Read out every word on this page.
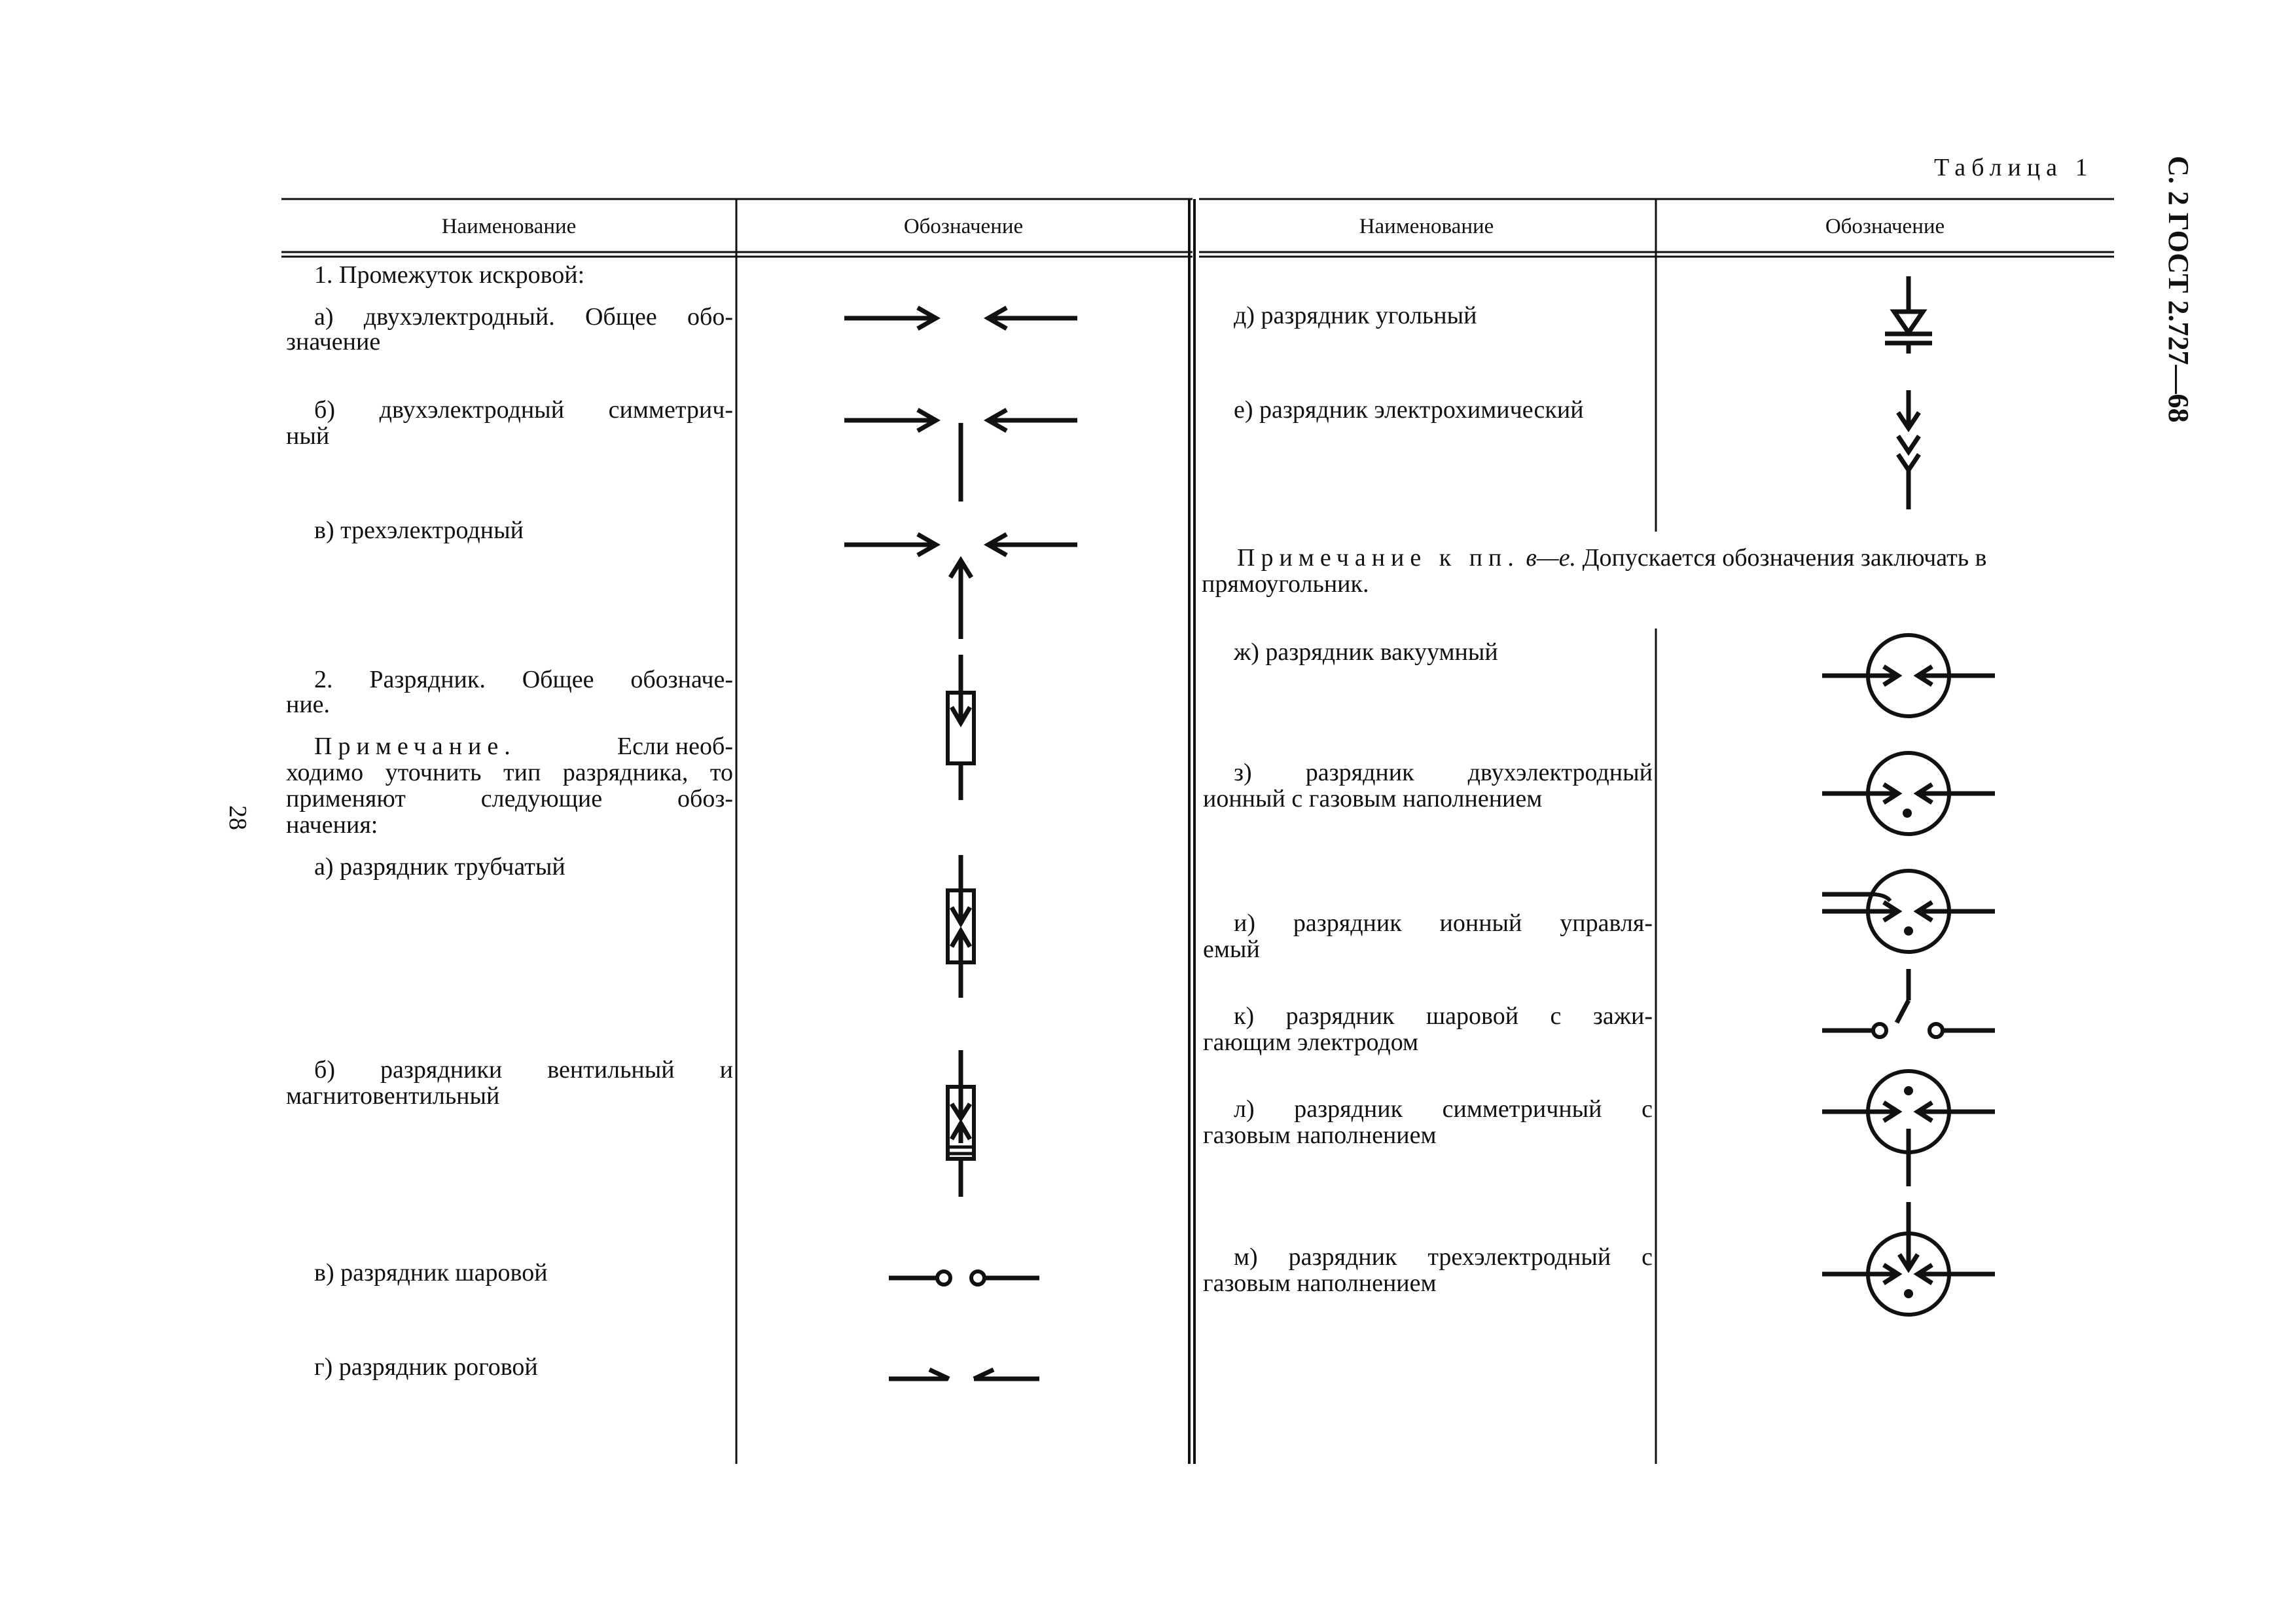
Таблица 1 С. 2 ГОСТ 2.727—68
28
Наименование	Обозначение	Наименование	Обозначение
1. Промежуток искровой:
а) двухэлектродный. Общее обо-
значение
б) двухэлектродный симметрич-
ный
в) трехэлектродный
2. Разрядник. Общее обозначе-
ние.
Примечание.	Если необ-
ходимо уточнить тип разрядника, то
применяют следующие обоз-
начения:
а) разрядник трубчатый
б) разрядники вентильный и
магнитовентильный
в) разрядник шаровой
г) разрядник роговой
д) разрядник угольный
е) разрядник электрохимический
Примечание к пп. в—е. Допускается обозначения заключать в
прямоугольник.
ж) разрядник вакуумный
з) разрядник двухэлектродный
ионный с газовым наполнением
и) разрядник ионный управля-
емый
к) разрядник шаровой с зажи-
гающим электродом
л) разрядник симметричный с
газовым наполнением
м) разрядник трехэлектродный с
газовым наполнением
